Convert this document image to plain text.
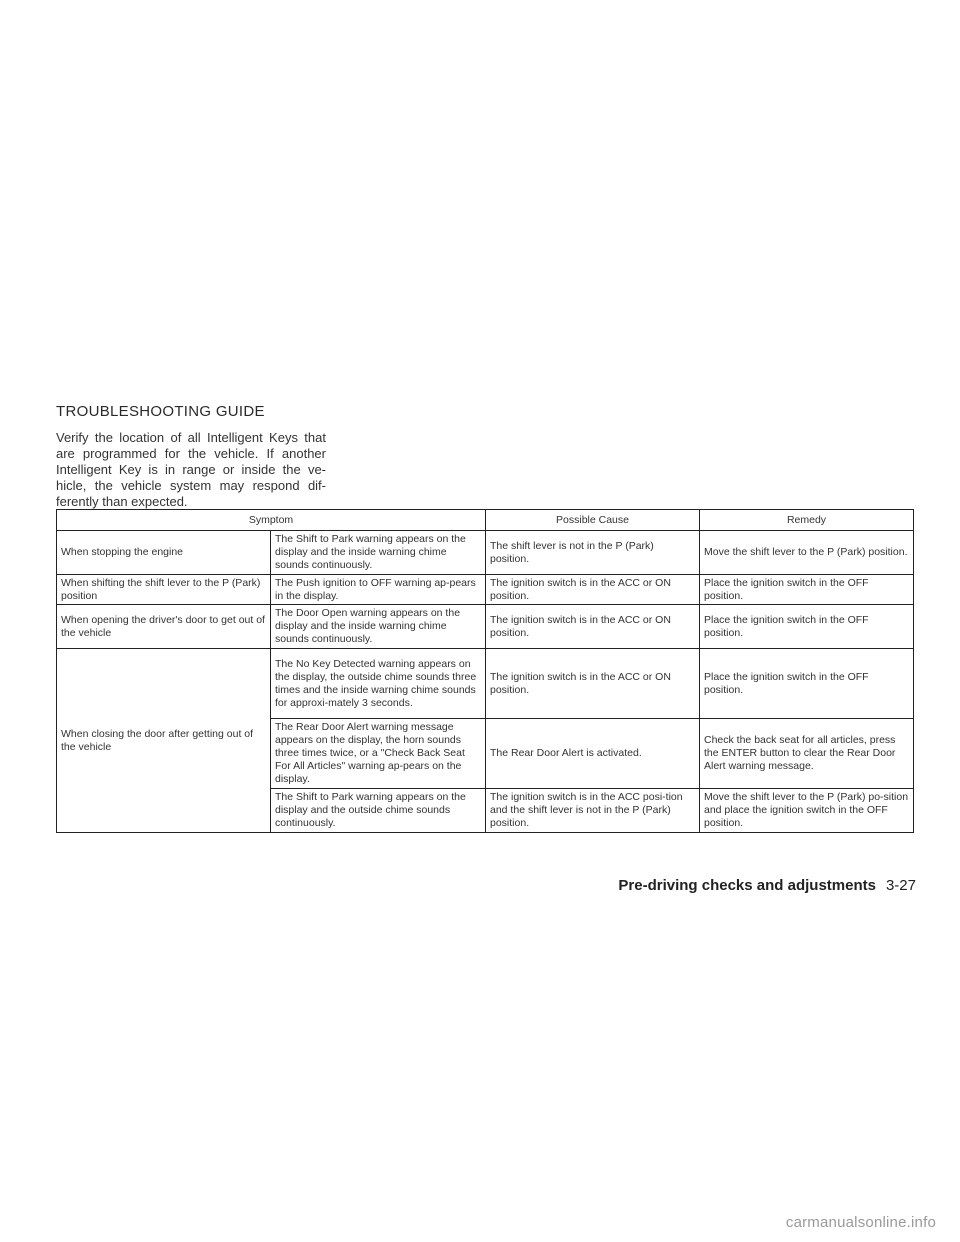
TROUBLESHOOTING GUIDE
Verify the location of all Intelligent Keys that are programmed for the vehicle. If another Intelligent Key is in range or inside the ve-hicle, the vehicle system may respond dif-ferently than expected.
Symptom		Possible Cause	Remedy
When stopping the engine	The Shift to Park warning appears on the display and the inside warning chime sounds continuously.	The shift lever is not in the P (Park) position.	Move the shift lever to the P (Park) position.
When shifting the shift lever to the P (Park) position	The Push ignition to OFF warning ap-pears in the display.	The ignition switch is in the ACC or ON position.	Place the ignition switch in the OFF position.
When opening the driver's door to get out of the vehicle	The Door Open warning appears on the display and the inside warning chime sounds continuously.	The ignition switch is in the ACC or ON position.	Place the ignition switch in the OFF position.
When closing the door after getting out of the vehicle	The No Key Detected warning appears on the display, the outside chime sounds three times and the inside warning chime sounds for approxi-mately 3 seconds.	The ignition switch is in the ACC or ON position.	Place the ignition switch in the OFF position.
	The Rear Door Alert warning message appears on the display, the horn sounds three times twice, or a "Check Back Seat For All Articles" warning ap-pears on the display.	The Rear Door Alert is activated.	Check the back seat for all articles, press the ENTER button to clear the Rear Door Alert warning message.
	The Shift to Park warning appears on the display and the outside chime sounds continuously.	The ignition switch is in the ACC posi-tion and the shift lever is not in the P (Park) position.	Move the shift lever to the P (Park) po-sition and place the ignition switch in the OFF position.
Pre-driving checks and adjustments 3-27
carmanualsonline.info
